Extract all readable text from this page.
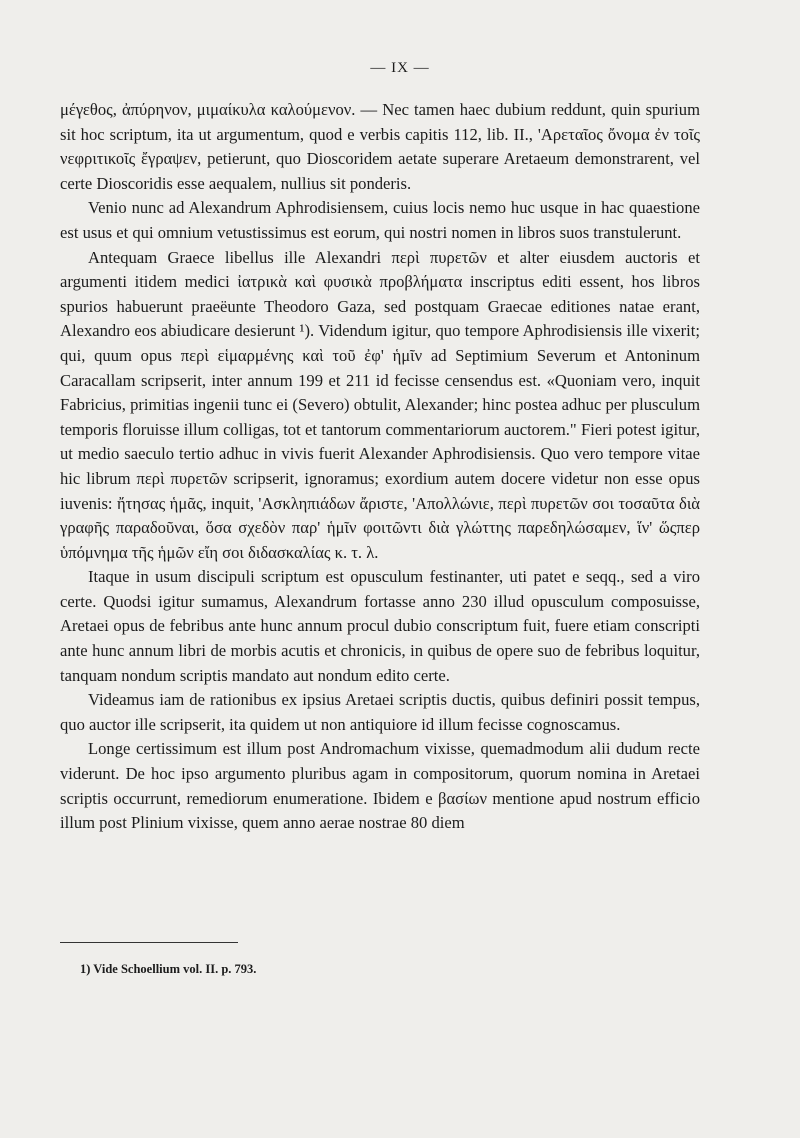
— IX —

μέγεθος, ἀπύρηνον, μιμαίκυλα καλούμενον. — Nec tamen haec dubium reddunt, quin spurium sit hoc scriptum, ita ut argumentum, quod e verbis capitis 112, lib. II., 'Αρεταῖος ὄνομα ἐν τοῖς νεφριτικοῖς ἔγραψεν, petierunt, quo Dioscoridem aetate superare Aretaeum demonstrarent, vel certe Dioscoridis esse aequalem, nullius sit ponderis.

Venio nunc ad Alexandrum Aphrodisiensem, cuius locis nemo huc usque in hac quaestione est usus et qui omnium vetustissimus est eorum, qui nostri nomen in libros suos transtulerunt.

Antequam Graece libellus ille Alexandri περὶ πυρετῶν et alter eiusdem auctoris et argumenti itidem medici ἰατρικὰ καὶ φυσικὰ προβλήματα inscriptus editi essent, hos libros spurios habuerunt praeëunte Theodoro Gaza, sed postquam Graecae editiones natae erant, Alexandro eos abiudicare desierunt ¹). Videndum igitur, quo tempore Aphrodisiensis ille vixerit; qui, quum opus περὶ εἱμαρμένης καὶ τοῦ ἐφ' ἡμῖν ad Septimium Severum et Antoninum Caracallam scripserit, inter annum 199 et 211 id fecisse censendus est. «Quoniam vero, inquit Fabricius, primitias ingenii tunc ei (Severo) obtulit, Alexander; hinc postea adhuc per plusculum temporis floruisse illum colligas, tot et tantorum commentariorum auctorem." Fieri potest igitur, ut medio saeculo tertio adhuc in vivis fuerit Alexander Aphrodisiensis. Quo vero tempore vitae hic librum περὶ πυρετῶν scripserit, ignoramus; exordium autem docere videtur non esse opus iuvenis: ἤτησας ἡμᾶς, inquit, 'Ασκληπιάδων ἄριστε, 'Απολλώνιε, περὶ πυρετῶν σοι τοσαῦτα διὰ γραφῆς παραδοῦναι, ὅσα σχεδὸν παρ' ἡμῖν φοιτῶντι διὰ γλώττης παρεδηλώσαμεν, ἵν' ὥςπερ ὑπόμνημα τῆς ἡμῶν εἴη σοι διδασκαλίας κ. τ. λ.

Itaque in usum discipuli scriptum est opusculum festinanter, uti patet e seqq., sed a viro certe. Quodsi igitur sumamus, Alexandrum fortasse anno 230 illud opusculum composuisse, Aretaei opus de febribus ante hunc annum procul dubio conscriptum fuit, fuere etiam conscripti ante hunc annum libri de morbis acutis et chronicis, in quibus de opere suo de febribus loquitur, tanquam nondum scriptis mandato aut nondum edito certe.

Videamus iam de rationibus ex ipsius Aretaei scriptis ductis, quibus definiri possit tempus, quo auctor ille scripserit, ita quidem ut non antiquiore id illum fecisse cognoscamus.

Longe certissimum est illum post Andromachum vixisse, quemadmodum alii dudum recte viderunt. De hoc ipso argumento pluribus agam in compositorum, quorum nomina in Aretaei scriptis occurrunt, remediorum enumeratione. Ibidem e βασίων mentione apud nostrum efficio illum post Plinium vixisse, quem anno aerae nostrae 80 diem

1) Vide Schoellium vol. II. p. 793.
